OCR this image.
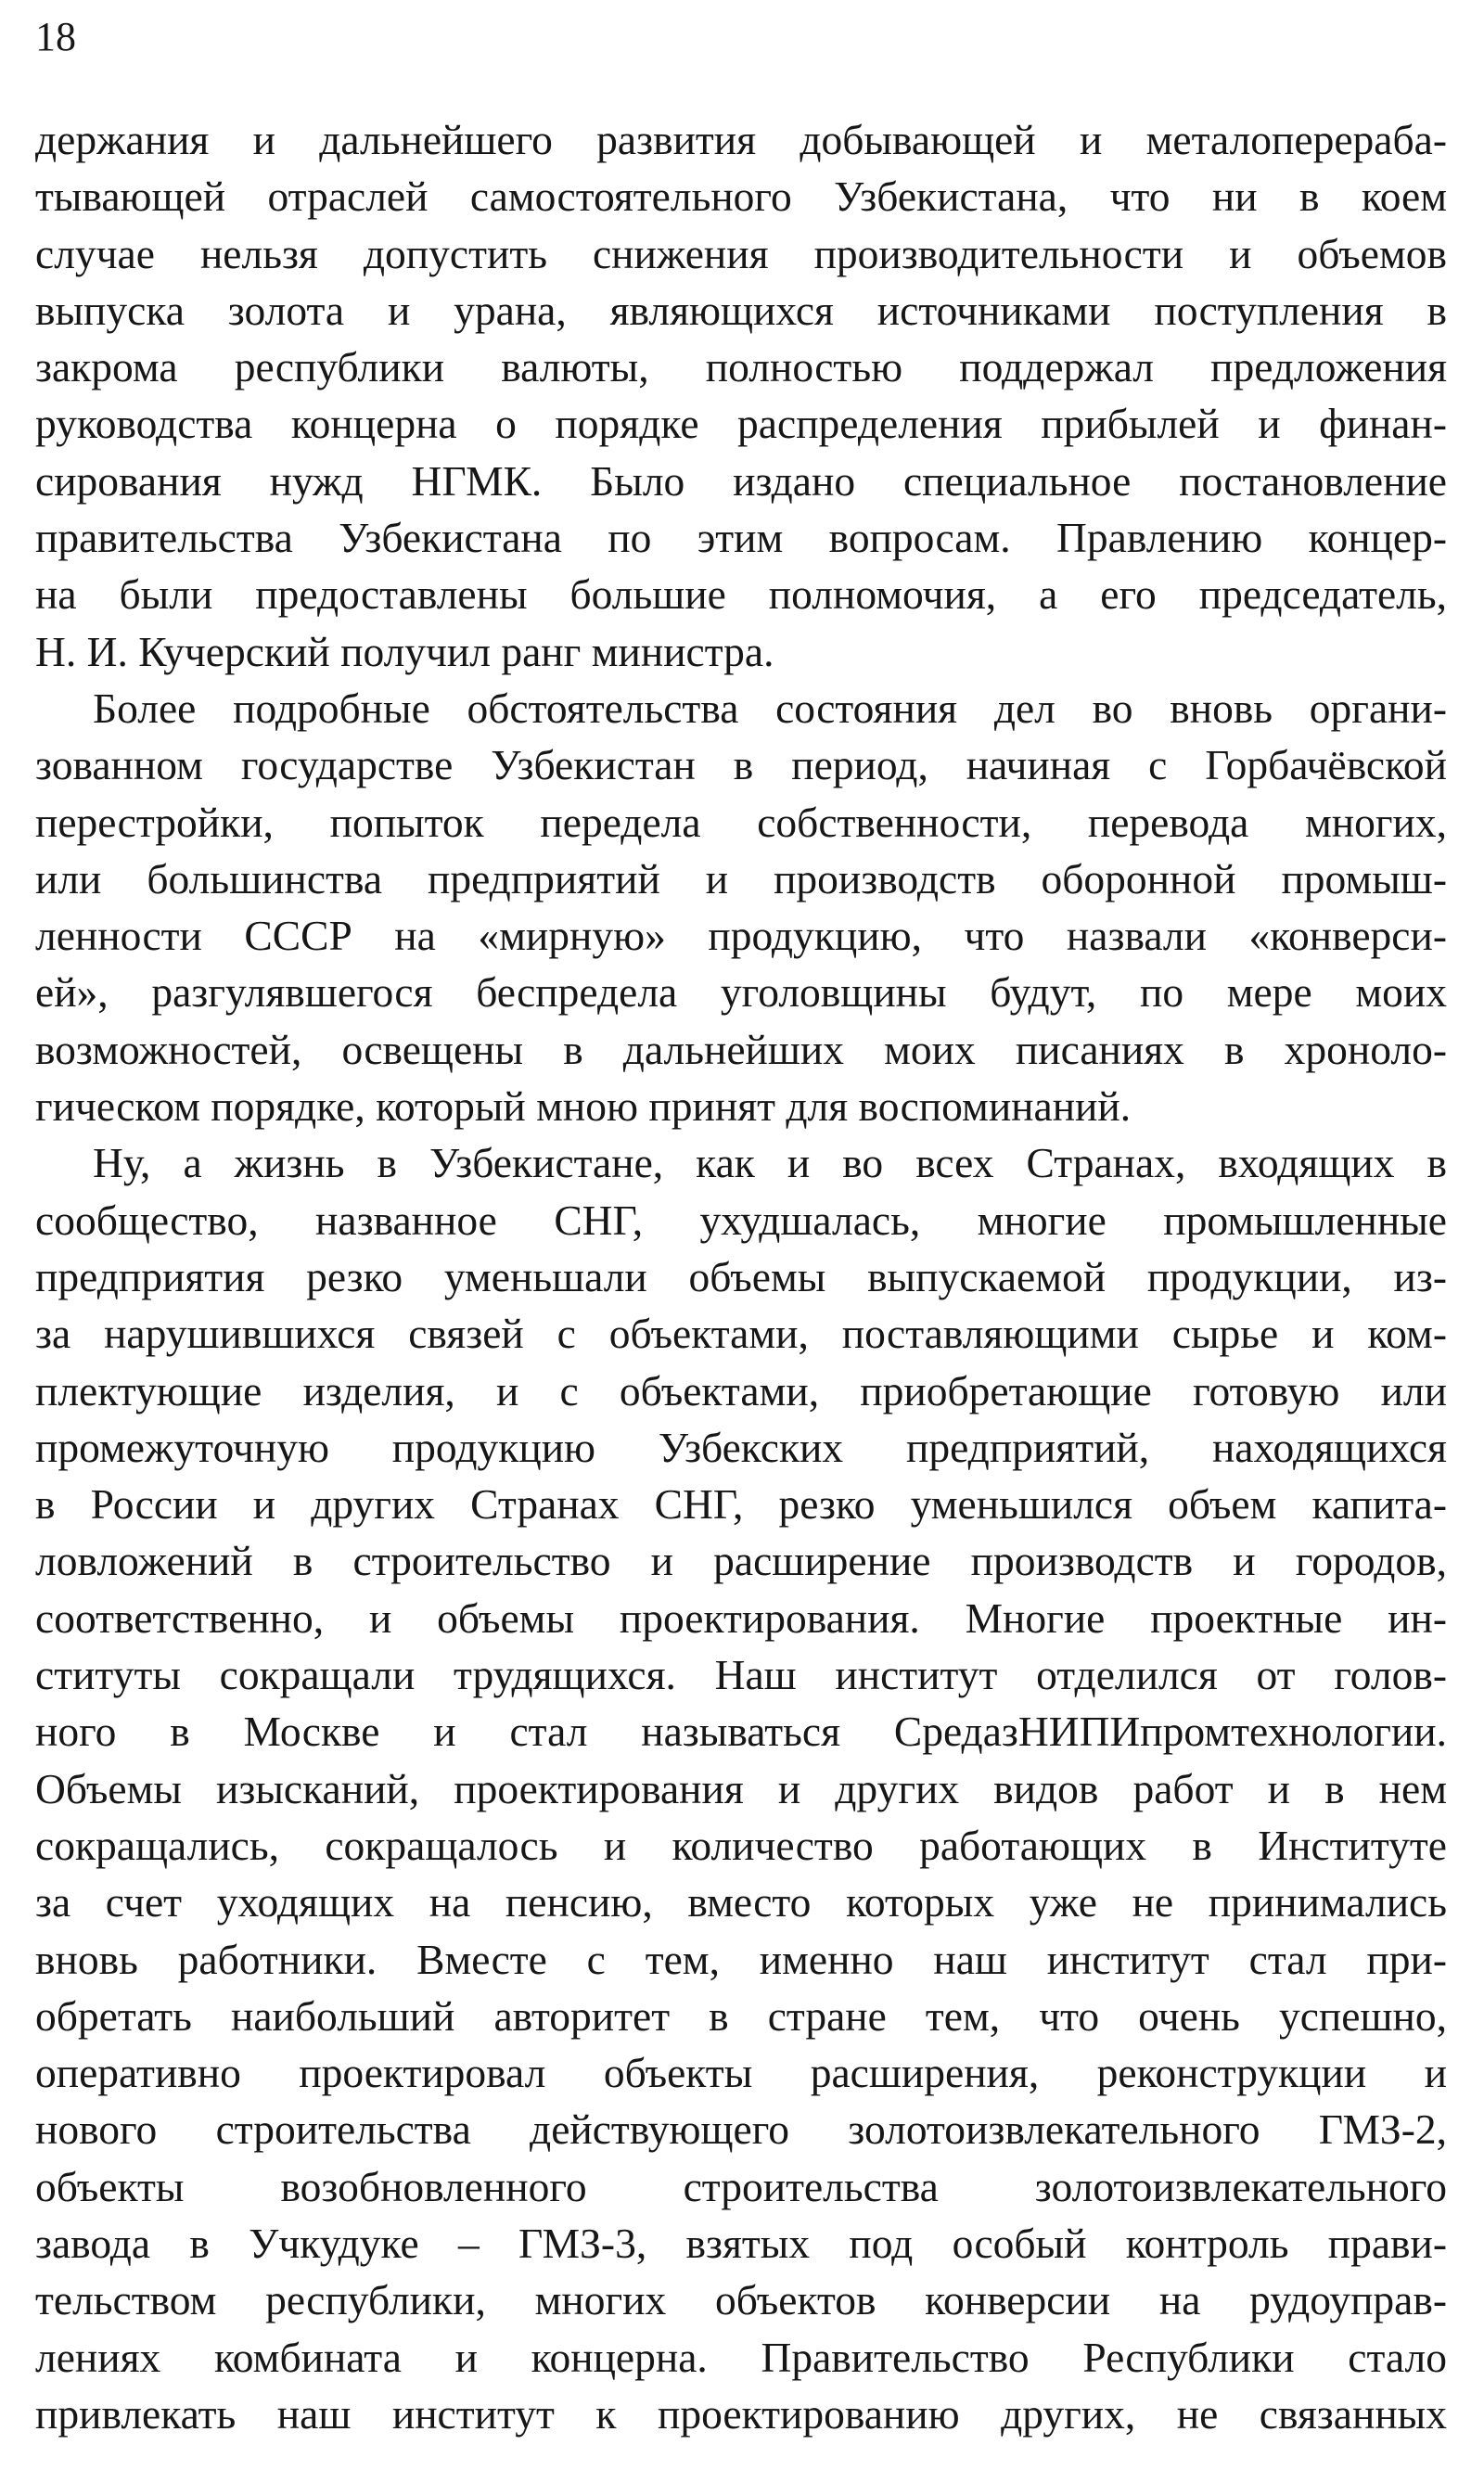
18

держания и дальнейшего развития добывающей и металоперераба-

тывающей отраслей самостоятельного Узбекистана, что ни в коем

случае нельзя допустить снижения производительности и объемов

выпуска золота и урана, являющихся источниками поступления в

закрома республики валюты, полностью поддержал предложения

руководства концерна о порядке распределения прибылей и финан-

сирования нужд НГМК. Было издано специальное постановление

правительства Узбекистана по этим вопросам. Правлению концер-

на были предоставлены большие полномочия, а его председатель,

Н. И. Кучерский получил ранг министра.

Более подробные обстоятельства состояния дел во вновь органи-

зованном государстве Узбекистан в период, начиная с Горбачёвской

перестройки, попыток передела собственности, перевода многих,

или большинства предприятий и производств оборонной промыш-

ленности СССР на «мирную» продукцию, что назвали «конверси-

ей», разгулявшегося беспредела уголовщины будут, по мере моих

возможностей, освещены в дальнейших моих писаниях в хроноло-

гическом порядке, который мною принят для воспоминаний.

Ну, а жизнь в Узбекистане, как и во всех Странах, входящих в

сообщество, названное СНГ, ухудшалась, многие промышленные

предприятия резко уменьшали объемы выпускаемой продукции, из-

за нарушившихся связей с объектами, поставляющими сырье и ком-

плектующие изделия, и с объектами, приобретающие готовую или

промежуточную продукцию Узбекских предприятий, находящихся

в России и других Странах СНГ, резко уменьшился объем капита-

ловложений в строительство и расширение производств и городов,

соответственно, и объемы проектирования. Многие проектные ин-

ституты сокращали трудящихся. Наш институт отделился от голов-

ного в Москве и стал называться СредазНИПИпромтехнологии.

Объемы изысканий, проектирования и других видов работ и в нем

сокращались, сокращалось и количество работающих в Институте

за счет уходящих на пенсию, вместо которых уже не принимались

вновь работники. Вместе с тем, именно наш институт стал при-

обретать наибольший авторитет в стране тем, что очень успешно,

оперативно проектировал объекты расширения, реконструкции и

нового строительства действующего золотоизвлекательного ГМЗ-2,

объекты возобновленного строительства золотоизвлекательного

завода в Учкудуке – ГМЗ-3, взятых под особый контроль прави-

тельством республики, многих объектов конверсии на рудоуправ-

лениях комбината и концерна. Правительство Республики стало

привлекать наш институт к проектированию других, не связанных
